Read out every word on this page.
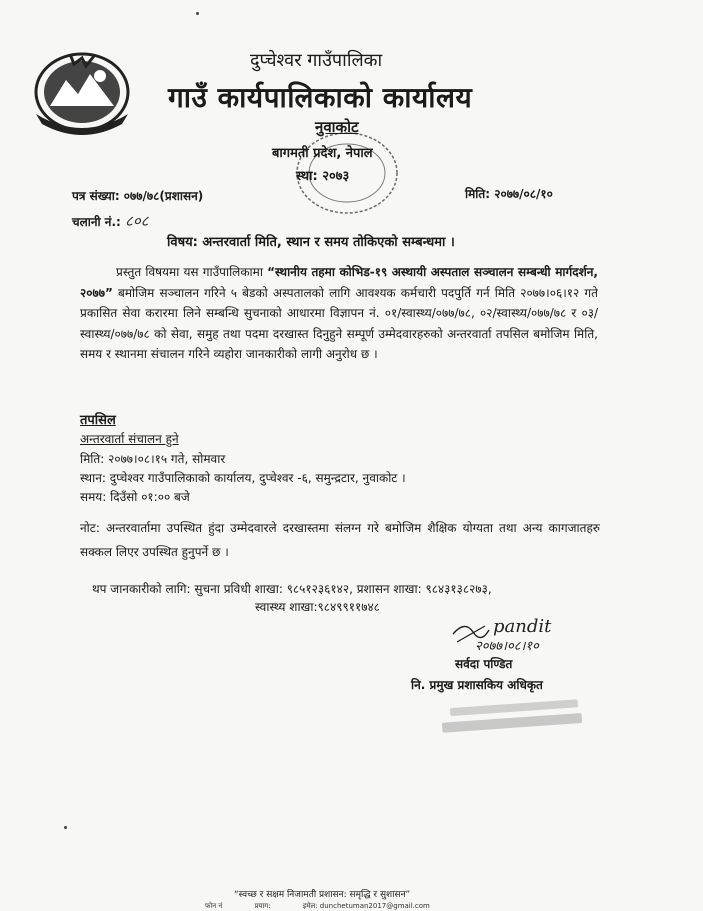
दुप्चेश्वर गाउँपालिका
गाउँ कार्यपालिकाको कार्यालय
नुवाकोट
बागमती प्रदेश, नेपाल
स्था: २०७३
पत्र संख्या: ०७७/७८(प्रशासन)
चलानी नं.: ८०८
मिति: २०७७/०८/१०
विषय: अन्तरवार्ता मिति, स्थान र समय तोकिएको सम्बन्धमा ।
प्रस्तुत विषयमा यस गाउँपालिकामा “स्थानीय तहमा कोभिड-१९ अस्थायी अस्पताल सञ्चालन सम्बन्धी मार्गदर्शन, २०७७” बमोजिम सञ्चालन गरिने ५ बेडको अस्पतालको लागि आवश्यक कर्मचारी पदपुर्ति गर्न मिति २०७७।०६।१२ गते प्रकासित सेवा करारमा लिने सम्बन्धि सुचनाको आधारमा विज्ञापन नं. ०१/स्वास्थ्य/०७७/७८, ०२/स्वास्थ्य/०७७/७८ र ०३/स्वास्थ्य/०७७/७८ को सेवा, समुह तथा पदमा दरखास्त दिनुहुने सम्पूर्ण उम्मेदवारहरुको अन्तरवार्ता तपसिल बमोजिम मिति, समय र स्थानमा संचालन गरिने व्यहोरा जानकारीको लागी अनुरोध छ ।
तपसिल
अन्तरवार्ता संचालन हुने
मिति: २०७७।०८।१५ गते, सोमवार
स्थान: दुप्चेश्वर गाउँपालिकाको कार्यालय, दुप्चेश्वर -६, समुन्द्रटार, नुवाकोट ।
समय: दिउँसो ०१:०० बजे
नोट: अन्तरवार्तामा उपस्थित हुंदा उम्मेदवारले दरखास्तमा संलग्न गरे बमोजिम शैक्षिक योग्यता तथा अन्य कागजातहरु सक्कल लिएर उपस्थित हुनुपर्ने छ ।
थप जानकारीको लागि: सुचना प्रविधी शाखा: ९८५१२३६१४२, प्रशासन शाखा: ९८४३१३८२७३,
स्वास्थ्य शाखा:९८४९९११७४८
pandit
२०७७।०८।१०
सर्वदा पण्डित
नि. प्रमुख प्रशासकिय अधिकृत
“स्वच्छ र सक्षम निजामती प्रशासन: समृद्धि र सुशासन”
फोन नं	प्रयाग:	इमेल: dunchetuman2017@gmail.com
